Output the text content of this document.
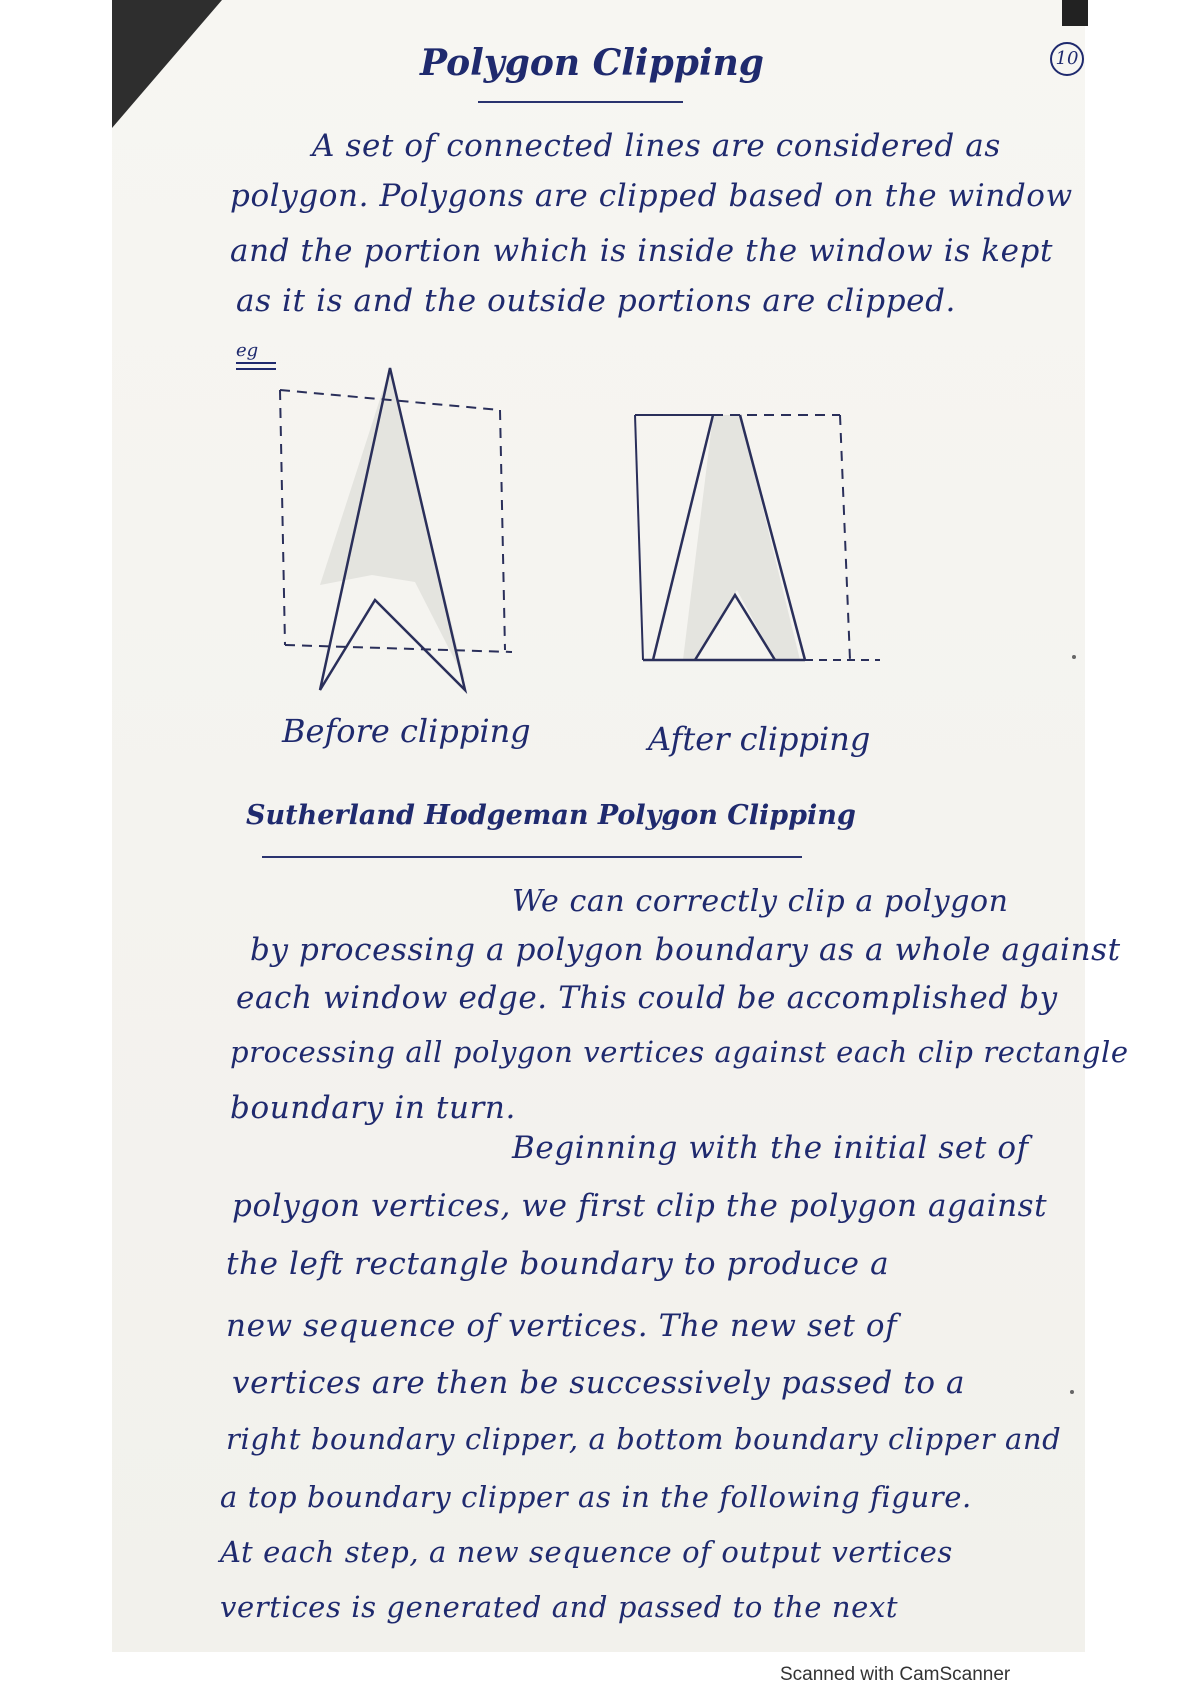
Polygon Clipping	10

A set of connected lines are considered as

polygon. Polygons are clipped based on the window

and the portion which is inside the window is kept

as it is and the outside portions are clipped.

eg

Before clipping	After clipping

Sutherland Hodgeman Polygon Clipping

We can correctly clip a polygon

by processing a polygon boundary as a whole against

each window edge. This could be accomplished by

processing all polygon vertices against each clip rectangle

boundary in turn.

Beginning with the initial set of

polygon vertices, we first clip the polygon against

the left rectangle boundary to produce a

new sequence of vertices. The new set of

vertices are then be successively passed to a

right boundary clipper, a bottom boundary clipper and

a top boundary clipper as in the following figure.

At each step, a new sequence of output vertices

vertices is generated and passed to the next

Scanned with CamScanner
